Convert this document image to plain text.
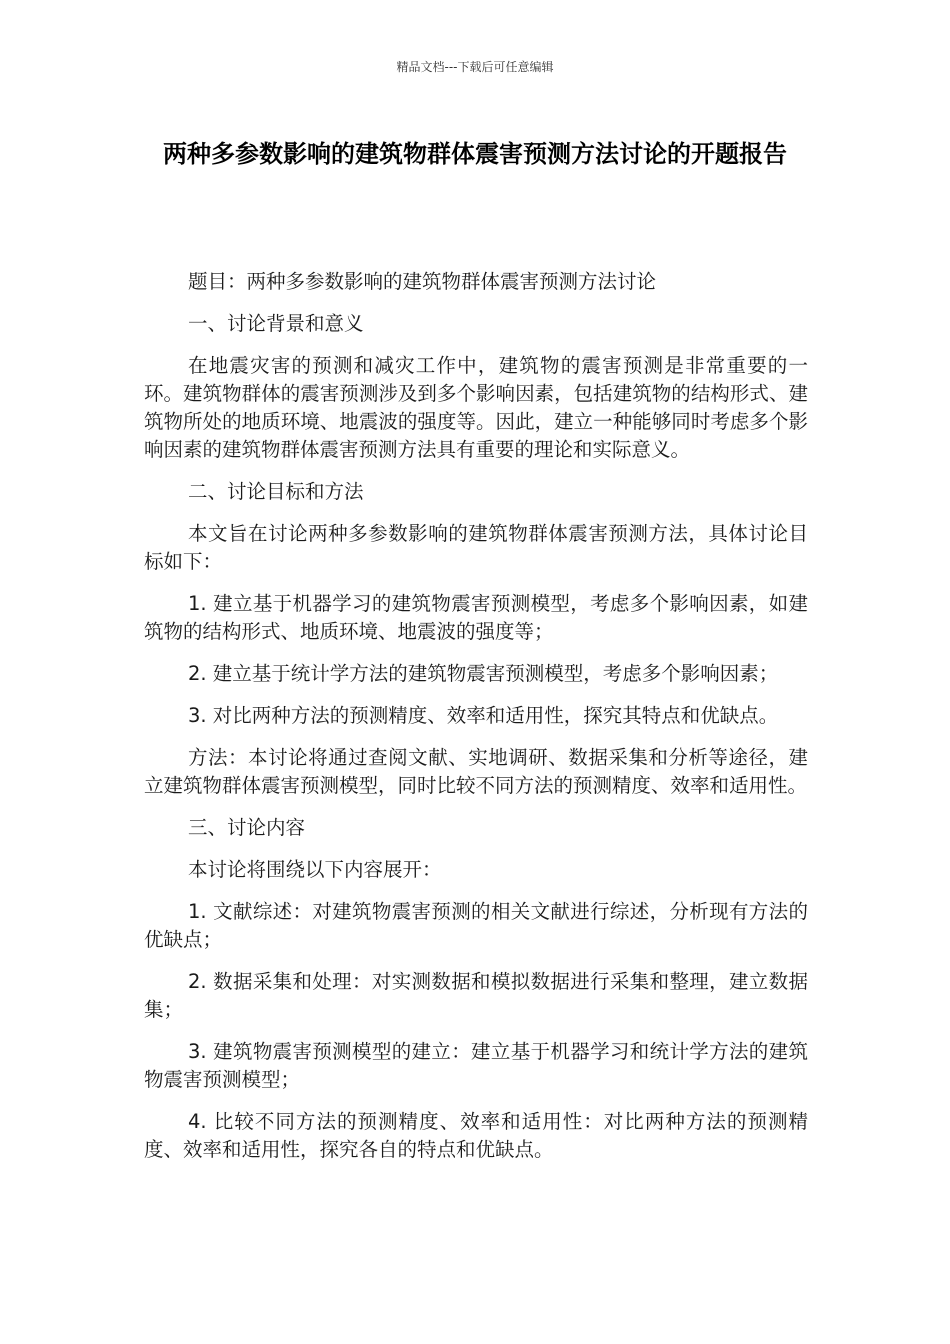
精品文档---下载后可任意编辑
两种多参数影响的建筑物群体震害预测方法讨论的开题报告

题目：两种多参数影响的建筑物群体震害预测方法讨论

一、讨论背景和意义

在地震灾害的预测和减灾工作中，建筑物的震害预测是非常重要的一环。建筑物群体的震害预测涉及到多个影响因素，包括建筑物的结构形式、建筑物所处的地质环境、地震波的强度等。因此，建立一种能够同时考虑多个影响因素的建筑物群体震害预测方法具有重要的理论和实际意义。

二、讨论目标和方法

本文旨在讨论两种多参数影响的建筑物群体震害预测方法，具体讨论目标如下：

1. 建立基于机器学习的建筑物震害预测模型，考虑多个影响因素，如建筑物的结构形式、地质环境、地震波的强度等；

2. 建立基于统计学方法的建筑物震害预测模型，考虑多个影响因素；

3. 对比两种方法的预测精度、效率和适用性，探究其特点和优缺点。

方法：本讨论将通过查阅文献、实地调研、数据采集和分析等途径，建立建筑物群体震害预测模型，同时比较不同方法的预测精度、效率和适用性。

三、讨论内容

本讨论将围绕以下内容展开：

1. 文献综述：对建筑物震害预测的相关文献进行综述，分析现有方法的优缺点；

2. 数据采集和处理：对实测数据和模拟数据进行采集和整理，建立数据集；

3. 建筑物震害预测模型的建立：建立基于机器学习和统计学方法的建筑物震害预测模型；

4. 比较不同方法的预测精度、效率和适用性：对比两种方法的预测精度、效率和适用性，探究各自的特点和优缺点。
